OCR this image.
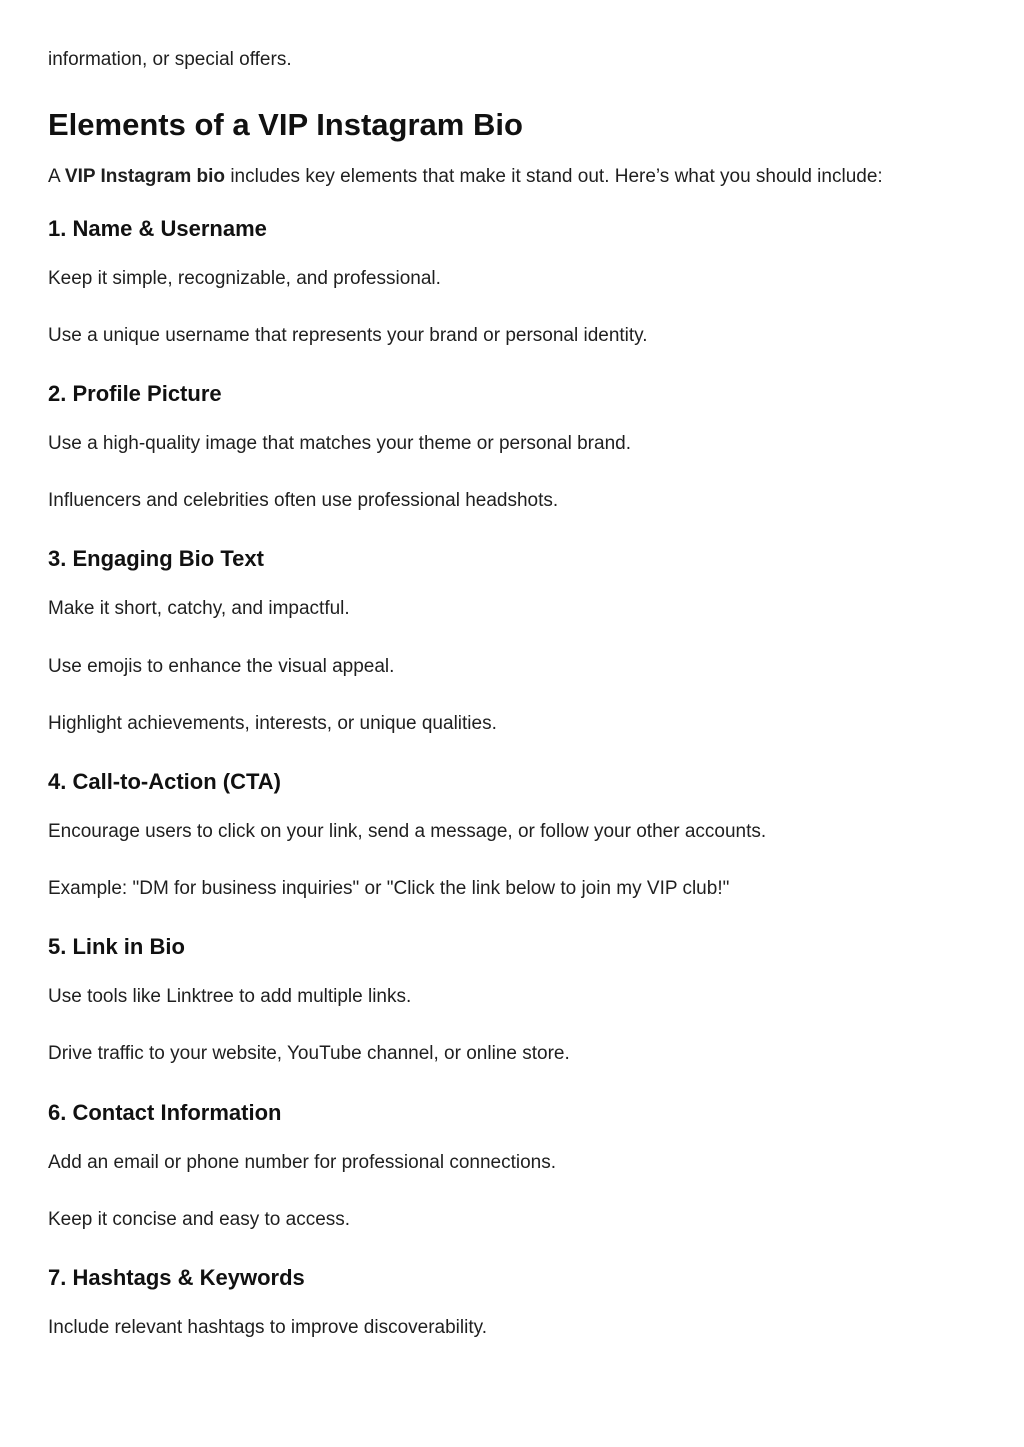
information, or special offers.

Elements of a VIP Instagram Bio

A VIP Instagram bio includes key elements that make it stand out. Here’s what you should include:

1. Name & Username

Keep it simple, recognizable, and professional.

Use a unique username that represents your brand or personal identity.

2. Profile Picture

Use a high-quality image that matches your theme or personal brand.

Influencers and celebrities often use professional headshots.

3. Engaging Bio Text

Make it short, catchy, and impactful.

Use emojis to enhance the visual appeal.

Highlight achievements, interests, or unique qualities.

4. Call-to-Action (CTA)

Encourage users to click on your link, send a message, or follow your other accounts.

Example: "DM for business inquiries" or "Click the link below to join my VIP club!"

5. Link in Bio

Use tools like Linktree to add multiple links.

Drive traffic to your website, YouTube channel, or online store.

6. Contact Information

Add an email or phone number for professional connections.

Keep it concise and easy to access.

7. Hashtags & Keywords

Include relevant hashtags to improve discoverability.
